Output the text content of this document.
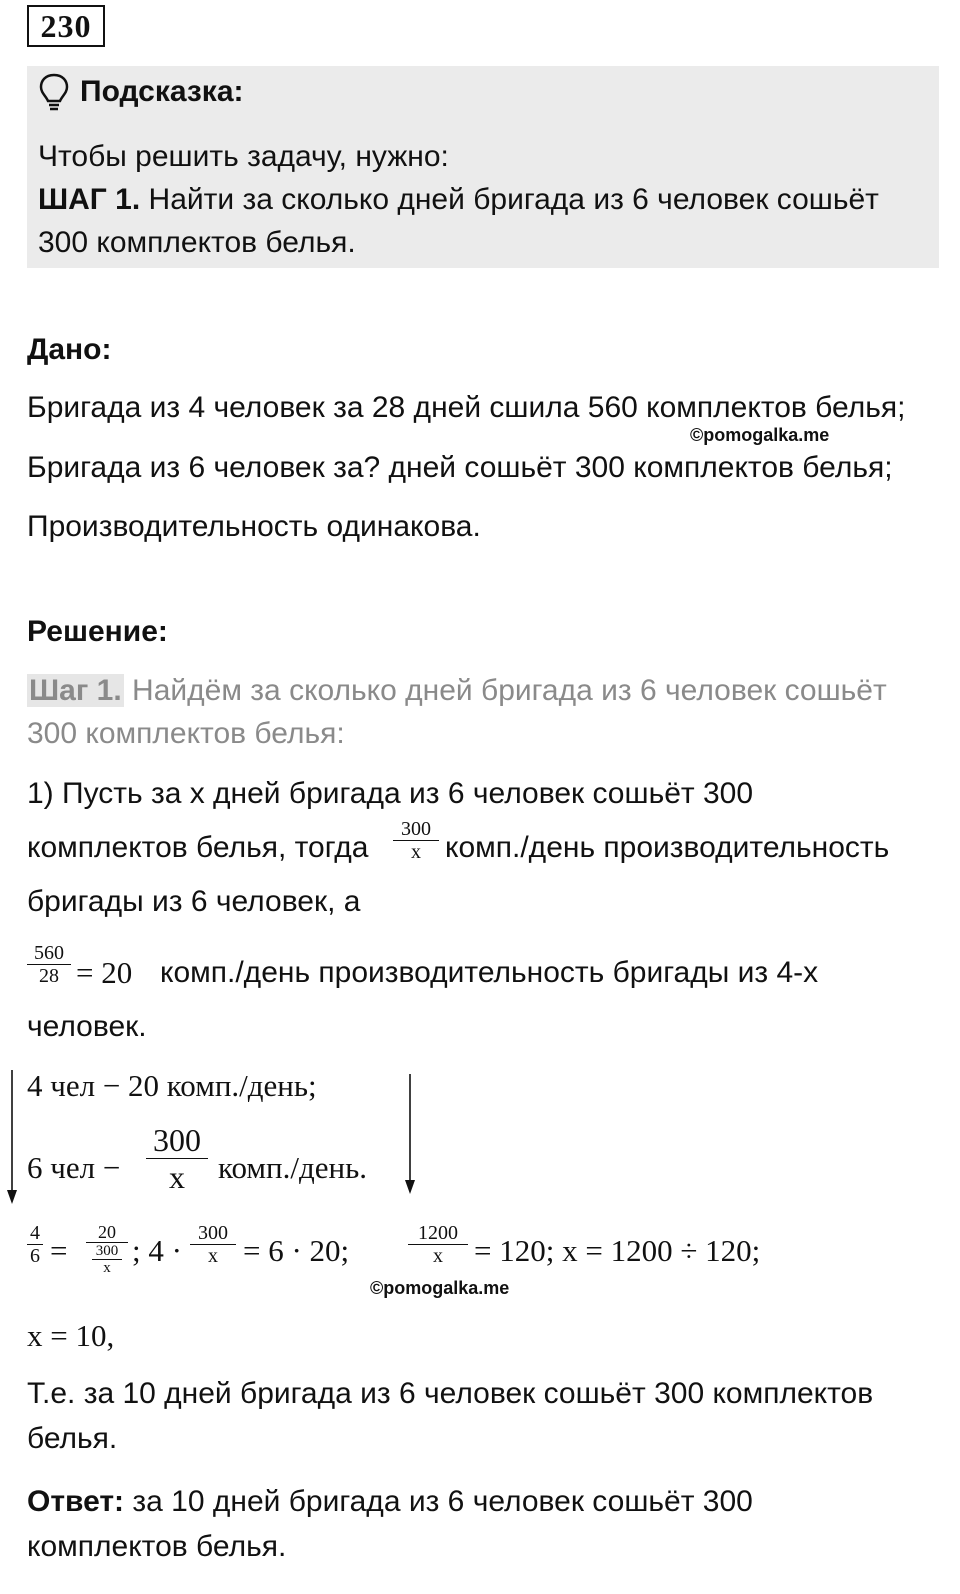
230
Подсказка:
Чтобы решить задачу, нужно:
ШАГ 1. Найти за сколько дней бригада из 6 человек сошьёт
300 комплектов белья.
Дано:
Бригада из 4 человек за 28 дней сшила 560 комплектов белья;
©pomogalka.me
Бригада из 6 человек за? дней сошьёт 300 комплектов белья;
Производительность одинакова.
Решение:
Шаг 1. Найдём за сколько дней бригада из 6 человек сошьёт
300 комплектов белья:
1) Пусть за x дней бригада из 6 человек сошьёт 300
комплектов белья, тогда
300
x комп./день производительность
бригады из 6 человек, а
560
28 = 20 комп./день производительность бригады из 4-х
человек.
4 чел − 20 комп./день;
6 чел −
300
x	комп./день.
4
6 =
20
300
x ; 4 · 300
x = 6 · 20;	1200
x	= 120; x = 1200 ÷ 120;
©pomogalka.me
x = 10,
Т.е. за 10 дней бригада из 6 человек сошьёт 300 комплектов
белья.
Ответ: за 10 дней бригада из 6 человек сошьёт 300
комплектов белья.
